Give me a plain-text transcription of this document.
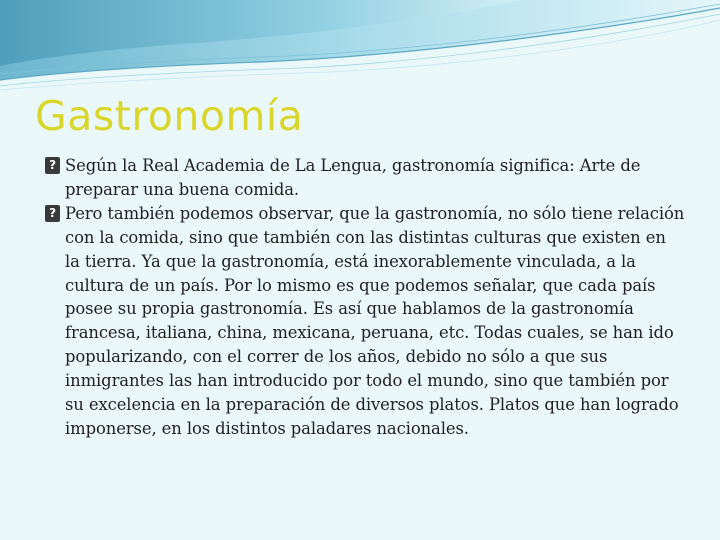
Gastronomía
? Según la Real Academia de La Lengua, gastronomía significa: Arte de preparar una buena comida.
? Pero también podemos observar, que la gastronomía, no sólo tiene relación con la comida, sino que también con las distintas culturas que existen en la tierra. Ya que la gastronomía, está inexorablemente vinculada, a la cultura de un país. Por lo mismo es que podemos señalar, que cada país posee su propia gastronomía. Es así que hablamos de la gastronomía francesa, italiana, china, mexicana, peruana, etc. Todas cuales, se han ido popularizando, con el correr de los años, debido no sólo a que sus inmigrantes las han introducido por todo el mundo, sino que también por su excelencia en la preparación de diversos platos. Platos que han logrado imponerse, en los distintos paladares nacionales.
